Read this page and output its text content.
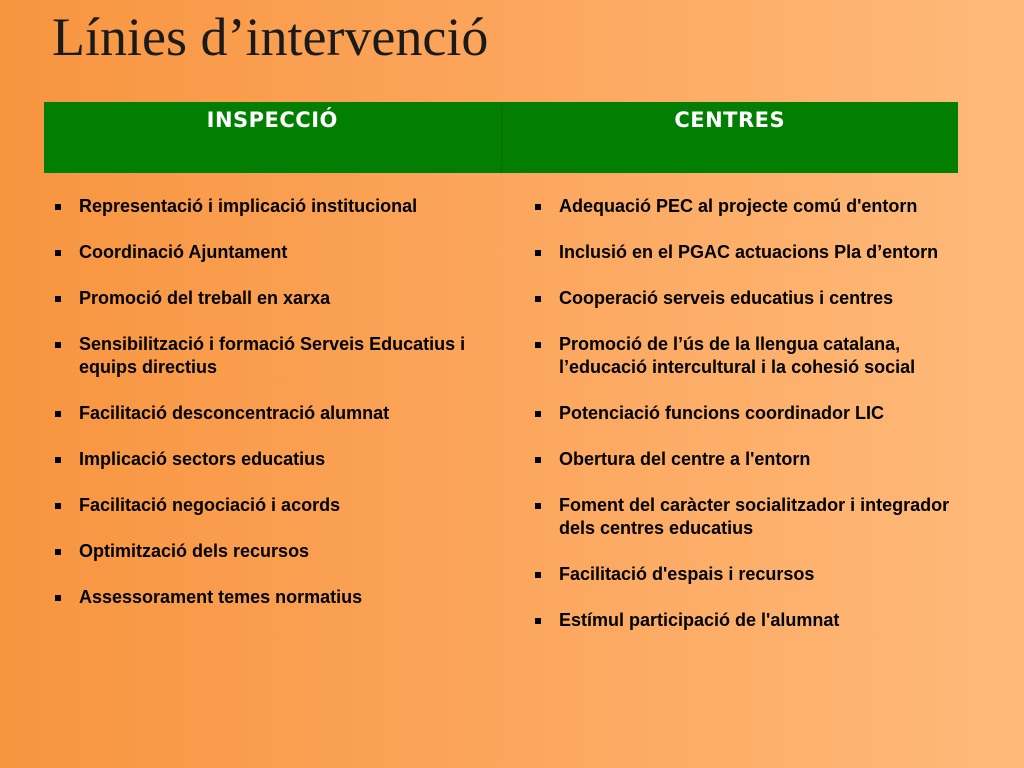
Línies d’intervenció
INSPECCIÓ	CENTRES
Representació i implicació institucional
Coordinació Ajuntament
Promoció del treball en xarxa
Sensibilització i formació Serveis Educatius i equips directius
Facilitació desconcentració alumnat
Implicació sectors educatius
Facilitació negociació i acords
Optimització dels recursos
Assessorament temes normatius
Adequació PEC al projecte comú d'entorn
Inclusió en el PGAC actuacions Pla d’entorn
Cooperació serveis educatius i centres
Promoció de l’ús de la llengua catalana, l’educació intercultural i la cohesió social
Potenciació funcions coordinador LIC
Obertura del centre a l'entorn
Foment del caràcter socialitzador i integrador dels centres educatius
Facilitació d'espais i recursos
Estímul participació de l'alumnat
